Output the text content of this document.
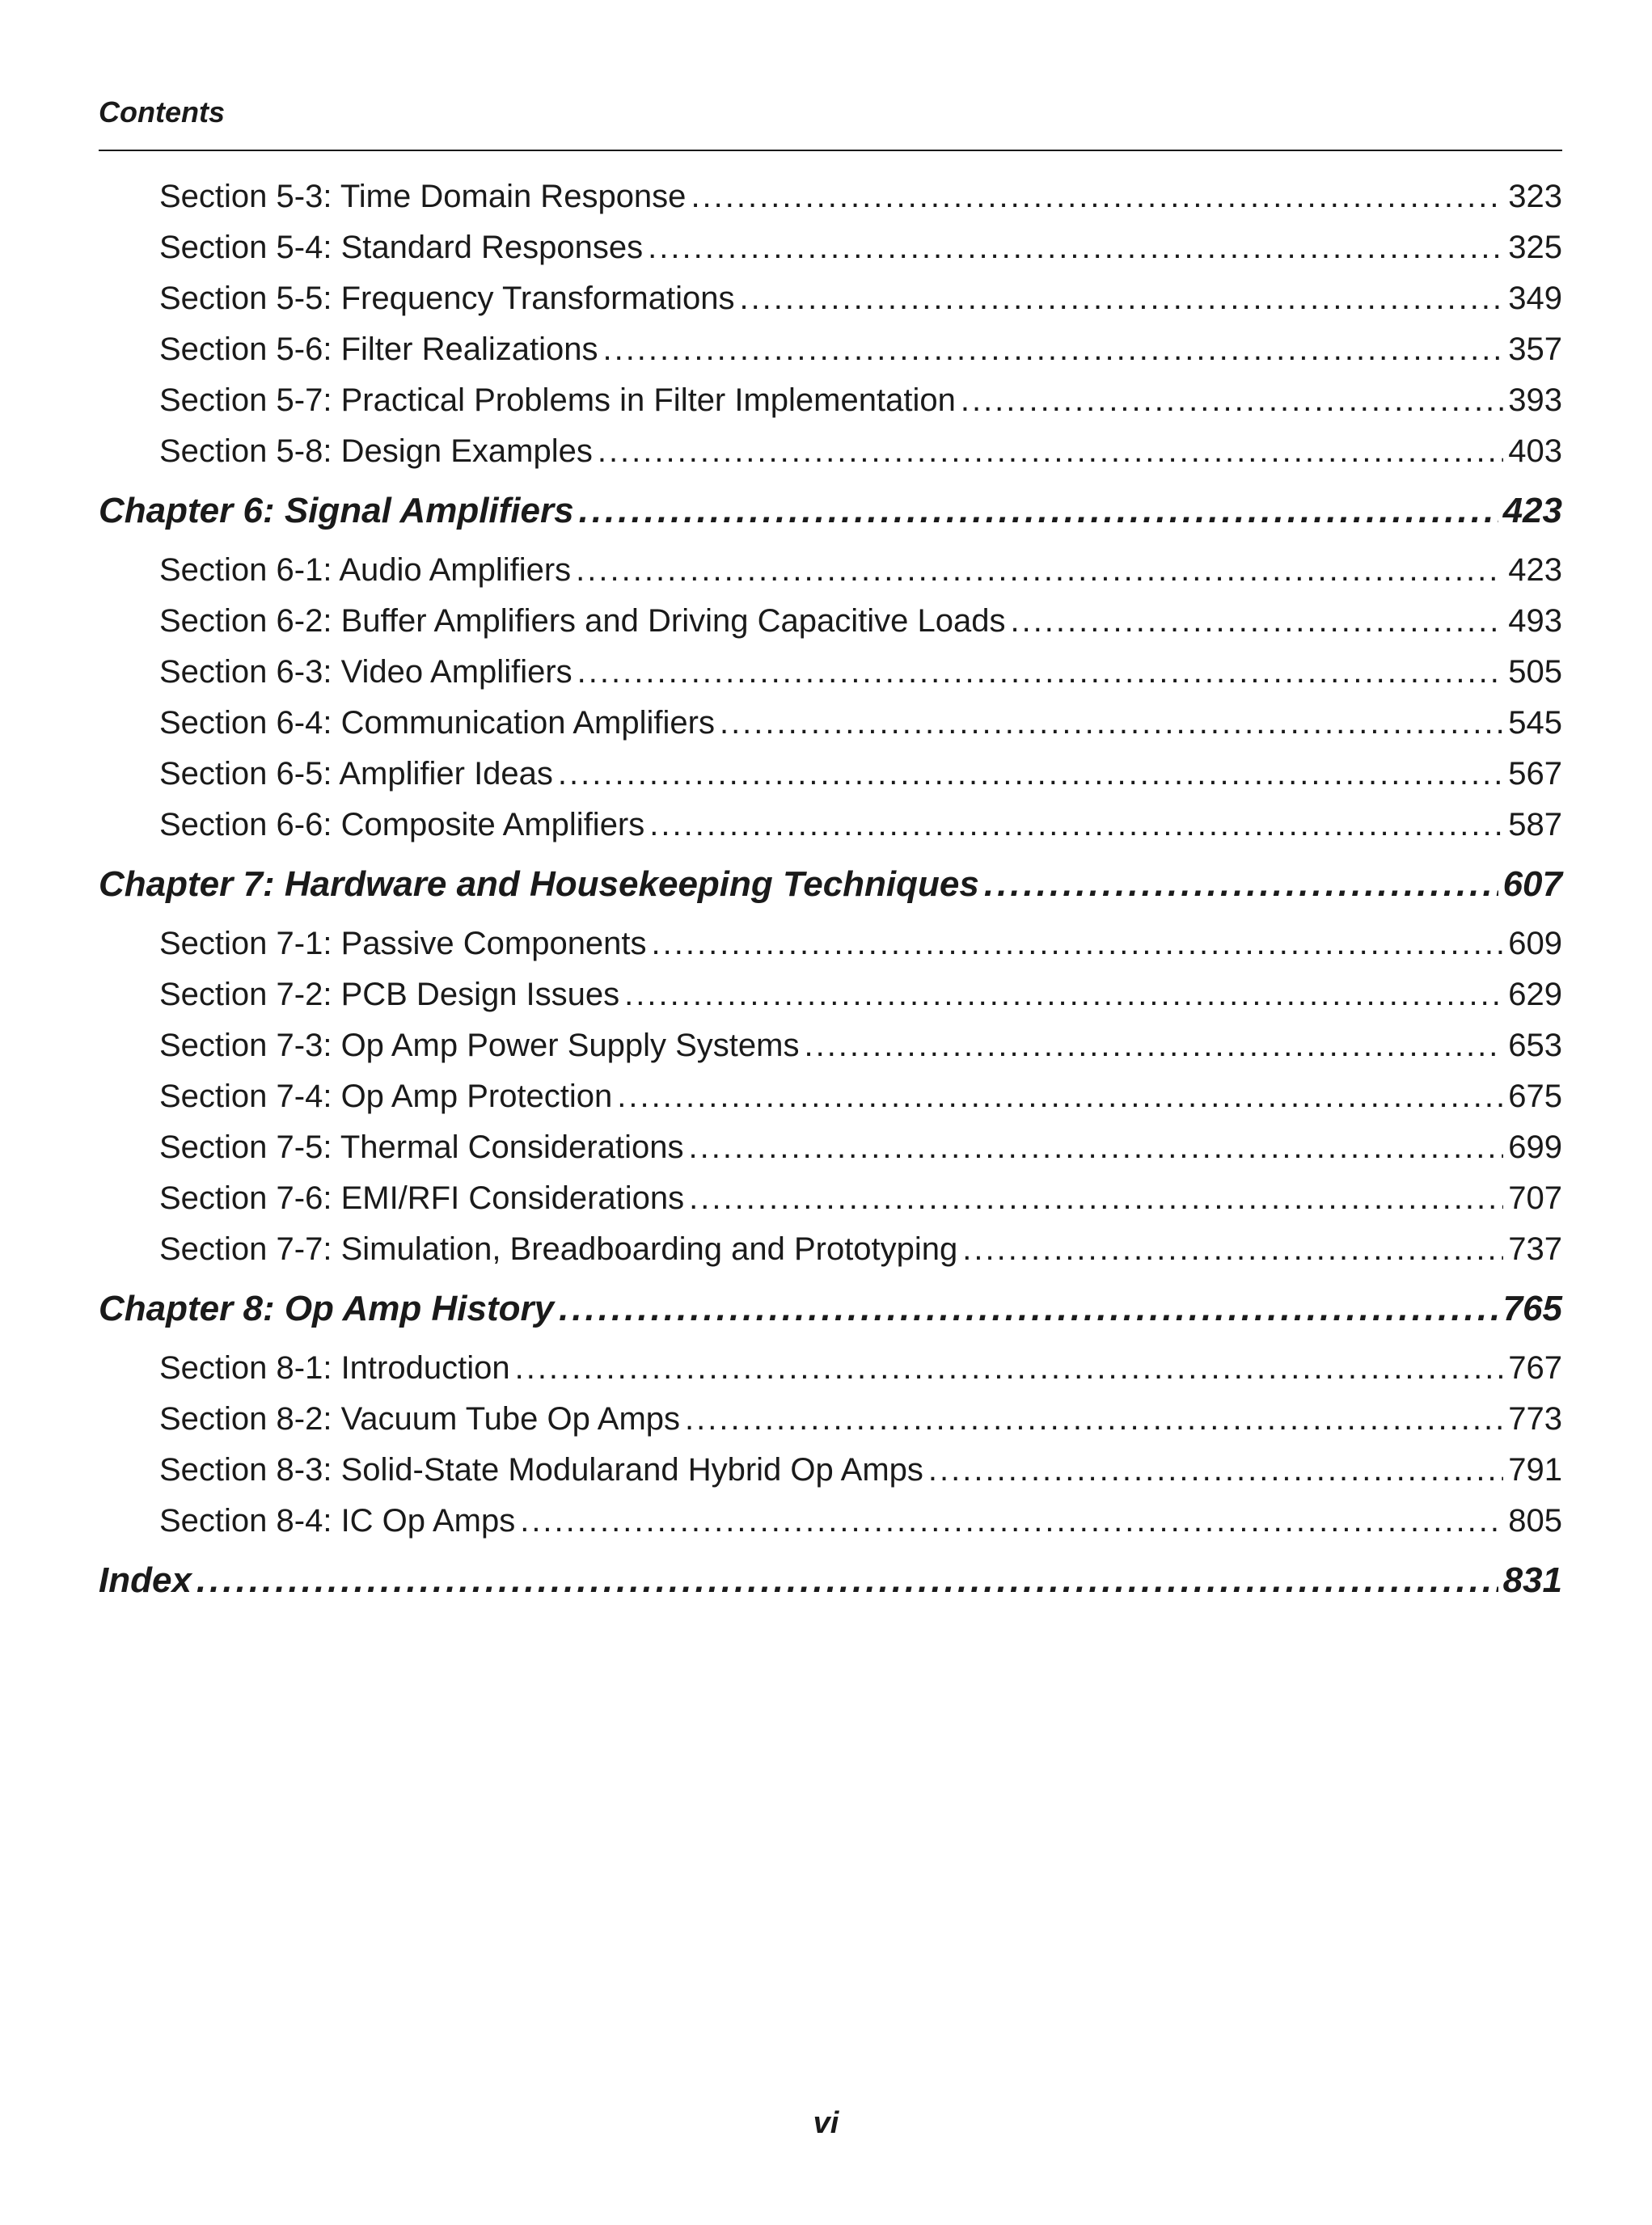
Contents
Section 5-3: Time Domain Response .....	323
Section 5-4: Standard Responses .....	325
Section 5-5: Frequency Transformations .....	349
Section 5-6: Filter Realizations .....	357
Section 5-7: Practical Problems in Filter Implementation .....	393
Section 5-8: Design Examples .....	403
Chapter 6: Signal Amplifiers .....	423
Section 6-1: Audio Amplifiers .....	423
Section 6-2: Buffer Amplifiers and Driving Capacitive Loads .....	493
Section 6-3: Video Amplifiers .....	505
Section 6-4: Communication Amplifiers .....	545
Section 6-5: Amplifier Ideas .....	567
Section 6-6: Composite Amplifiers .....	587
Chapter 7: Hardware and Housekeeping Techniques .....	607
Section 7-1: Passive Components .....	609
Section 7-2: PCB Design Issues .....	629
Section 7-3: Op Amp Power Supply Systems .....	653
Section 7-4: Op Amp Protection .....	675
Section 7-5: Thermal Considerations .....	699
Section 7-6: EMI/RFI Considerations .....	707
Section 7-7: Simulation, Breadboarding and Prototyping .....	737
Chapter 8: Op Amp History .....	765
Section 8-1: Introduction .....	767
Section 8-2: Vacuum Tube Op Amps .....	773
Section 8-3: Solid-State Modularand Hybrid Op Amps .....	791
Section 8-4: IC Op Amps .....	805
Index .....	831
vi
